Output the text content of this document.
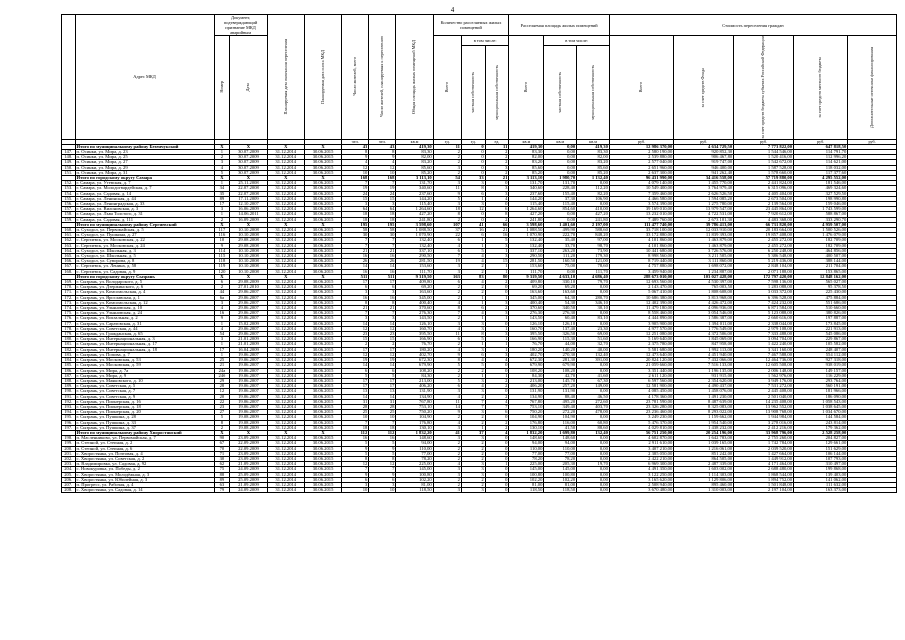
4
	Адрес МКД	Документ, подтверждающий признание МКД аварийным		Планируемая дата окончания переселения	Планируемая дата сноса МКД	Число жителей, всего	Число жителей, планируемых к переселению	Общая площадь жилых помещений МКД	Количество расселяемых жилых помещений			Расселяемая площадь жилых помещений			Стоимость переселения граждан				

		Номер	Дата						Всего	в том числе:		Всего	в том числе:		Всего	за счет средств Фонда	за счет средств бюджета субъекта Российской Федерации	за счет средств местного бюджета	Дополнительные источники финансирования

										частная собственность	муниципальная собственность		частная собственность	муниципальная собственность					

						чел.	чел.	кв.м	ед.	ед.	ед.	кв.м	кв.м	кв.м	руб.	руб.	руб.	руб.	руб.
	Итого по муниципальному району Безенчукский	X	X	X	X	43	43	419,30	11	0	11	419,30	0,00	419,30	12 986 370,00	4 634 729,50	7 773 822,00	647 818,50	
147.	п. Осинки, ул. Мира, д. 23	1	30.07.2009	31.12.2014	30.06.2015	8	8	83,30	2	0	2	83,30	0,00	83,30	2 580 190,00	920 852,30	1 544 546,00	114 791,70	
148.	п. Осинки, ул. Мира, д. 25	2	30.07.2009	31.12.2014	30.06.2015	9	9	82,00	2	0	2	82,00	0,00	82,00	2 539 880,00	906 467,80	1 520 416,00	112 996,20	
149.	п. Осинки, ул. Мира, д. 27	3	30.07.2009	31.12.2014	30.06.2015	4	4	83,20	2	0	2	83,20	0,00	83,20	2 577 040,00	919 747,00	1 542 672,00	114 621,00	
150.	п. Осинки, ул. Мира, д. 29	4	30.07.2009	31.12.2014	30.06.2015	12	12	85,60	3	0	3	85,60	0,00	85,60	2 651 960,00	946 400,00	1 587 528,00	118 032,00	
151.	п. Осинки, ул. Мира, д. 31	5	30.07.2009	31.12.2014	30.06.2015	10	10	85,20	2	0	2	85,20	0,00	85,20	2 637 300,00	941 262,40	1 578 660,00	117 377,60	
	Итого по городскому округу Самара	X	X	X	X	168	168	3 113,10	54	33	21	3 113,10	1 980,70	1 132,40	96 431 990,00	34 416 558,00	57 719 880,00	4 295 552,00	
152.	г. Самара, ул. Утевская, д. 7	1	25.11.2008	31.12.2014	30.06.2015	7	7	131,70	3	3	0	131,70	131,70	0,00	4 079 140,00	1 455 770,00	2 441 824,00	181 546,00	
153.	г. Самара, ул. Молодогвардейская, д. 7	34	22.07.2008	31.12.2014	30.06.2015	19	19	340,60	11	8	3	340,60	228,40	112,20	10 549 400,00	3 764 979,40	6 315 096,00	469 324,60	
154.	г. Самара, ул. Садовая, д. 14	35	22.07.2008	31.12.2014	30.06.2015	24	24	237,60	9	6	3	237,60	155,40	82,20	7 359 460,00	2 626 526,50	4 405 404,00	327 529,50	
155.	г. Самара, ул. Ленинская, д. 44	89	17.11.2009	31.12.2014	30.06.2015	15	15	144,20	5	1	4	144,20	37,30	106,90	4 466 580,00	1 594 085,20	2 673 504,00	198 990,80	
156.	г. Самара, ул. Ленинградская, д. 33	17	12.10.2007	31.12.2014	30.06.2015	3	3	115,40	3	3	0	115,40	115,40	0,00	3 574 390,00	1 275 780,00	2 139 564,00	159 046,00	
157.	г. Самара, ул. Вилоновская, д. 3	3	16.06.2009	31.12.2014	30.06.2015	64	64	1 264,60	18	12	6	1 264,60	854,60	410,00	39 169 010,00	13 979 547,00	23 445 864,00	1 743 599,00	
158.	г. Самара, ул. Льва Толстого, д. 31	1	14.06.2011	31.12.2014	30.06.2015	18	18	427,20	8	0	8	427,20	0,00	427,20	13 232 010,00	4 722 531,00	7 920 612,00	588 867,00	
159.	г. Самара, ул. Садовая, д. 111	2	16.09.2009	31.12.2014	30.06.2015	18	18	241,80	2	0	2	241,80	0,00	241,80	7 489 760,00	2 673 101,30	4 483 368,00	333 290,70	
	Итого по муниципальному району Сергиевский	X	X	X	X	195	195	3 598,60	107	41	66	3 598,60	1 401,60	2 197,00	111 477 740,00	39 786 413,00	66 731 820,00	4 959 507,00	
160.	п. Суходол, ул. Первомайская, д. 5	117	10.10.2008	31.12.2014	30.06.2015	58	58	1 088,50	37	16	21	1 088,50	499,90	588,60	33 718 100,00	12 033 910,00	20 183 664,00	1 500 526,00	
161.	п. Суходол, ул. Пушкина, д. 27	116	10.10.2008	31.12.2014	30.06.2015	30	30	1 070,90	22	6	16	1 070,90	222,70	848,20	33 172 880,00	11 839 393,00	19 857 408,00	1 476 079,00	
162.	с. Сергиевск, ул. Московская, д. 22	10	29.08.2008	31.12.2014	30.06.2015	7	7	132,40	6	1	5	132,40	35,40	97,00	4 101 860,00	1 463 879,00	2 455 272,00	182 709,00	
163.	с. Сергиевск, ул. Московская, д. 24	9	29.08.2008	31.12.2014	30.06.2015	7	7	132,40	4	1	3	132,40	33,70	98,70	4 101 860,00	1 463 879,00	2 455 272,00	182 709,00	
164.	п. Суходол, ул. Школьная, д. 3	114	10.10.2008	31.12.2014	30.06.2015	21	21	337,10	6	5	1	337,10	263,20	73,90	10 441 680,00	3 726 576,00	6 250 248,00	464 856,00	
165.	п. Суходол, ул. Школьная, д. 5	115	10.10.2008	31.12.2014	30.06.2015	16	16	290,50	7	4	3	290,50	111,20	179,30	8 998 560,00	3 211 505,00	5 386 548,00	400 507,00	
166.	п. Суходол, ул. Суворова, д. 8	118	10.10.2008	31.12.2014	30.06.2015	26	26	281,50	19	4	15	281,50	160,50	121,00	8 719 440,00	3 111 860,00	5 219 436,00	388 144,00	
167.	с. Сергиевск, ул. Ленина, д. 58	119	10.10.2008	31.12.2014	30.06.2015	14	14	153,60	3	2	1	153,60	75,00	78,60	4 757 880,00	1 698 072,00	2 848 104,00	211 704,00	
168.	с. Сергиевск, ул. Садовая, д. 9	120	10.10.2008	31.12.2014	30.06.2015	16	16	111,70	3	2	1	111,70	0,00	111,70	3 459 940,00	1 234 887,00	2 071 188,00	153 865,00	
	Итого по городскому округу Сызрань	X	X	X	X	511	511	9 319,50	163	83	80	9 319,50	4 633,10	4 686,40	288 673 010,00	103 027 428,00	172 797 420,00	12 848 162,00	
169.	г. Сызрань, ул. Володарского, д. 5	6	29.08.2009	31.12.2014	30.06.2015	17	17	409,80	6	4	2	409,80	330,10	79,70	12 693 560,00	4 530 397,00	7 598 136,00	565 027,00	
170.	г. Сызрань, ул. Дзержинского, д. 6	2	27.01.2010	31.12.2014	30.06.2015	6	6	69,20	2	2	0	69,20	69,20	0,00	2 143 470,00	765 003,50	1 283 088,00	95 378,50	
171.	г. Сызрань, ул. Комсомольская, д. 4	44	29.06.2007	31.12.2014	30.06.2015	3	3	163,60	2	2	0	163,60	163,60	0,00	5 067 410,00	1 808 608,00	3 033 372,00	225 430,00	
172.	г. Сызрань, ул. Ярославская, д. 1	6а	29.06.2007	31.12.2014	30.06.2015	16	16	345,00	2	1	1	345,00	64,30	280,70	10 686 380,00	3 813 968,00	6 396 528,00	475 884,00	
173.	г. Сызрань, ул. Комсомольская, д. 12	3	29.06.2007	31.12.2014	30.06.2015	8	8	400,40	4	1	3	400,40	54,30	346,10	12 402 390,00	4 426 472,00	7 424 232,00	551 686,00	
174.	г. Сызрань, ул. Ульяновская, д. 10	4	29.06.2007	31.12.2014	30.06.2015	21	21	370,60	8	6	2	370,60	340,50	30,10	11 479 180,00	4 096 936,00	6 871 584,00	510 660,00	
175.	г. Сызрань, ул. Ульяновская, д. 24	16	29.06.2007	31.12.2014	30.06.2015	7	7	276,30	7	4	3	276,30	276,30	0,00	8 558 460,00	3 054 546,00	5 123 088,00	380 826,00	
176.	г. Сызрань, ул. Вокзальная, д. 2	9	29.06.2007	31.12.2014	30.06.2015	3	3	143,50	2	1	1	143,50	60,40	83,10	4 444 890,00	1 586 387,00	2 660 616,00	197 887,00	
177.	г. Сызрань, ул. Саратовская, д. 31	1	15.02.2009	31.12.2014	30.06.2015	14	14	126,10	3	3	0	126,10	126,10	0,00	3 905 900,00	1 394 011,00	2 338 044,00	173 845,00	
178.	г. Сызрань, ул. Советская, д. 44	4	29.06.2007	31.12.2014	30.06.2015	12	12	160,70	4	3	1	160,70	137,40	23,30	4 977 570,00	1 776 549,00	2 979 108,00	221 913,00	
179.	г. Сызрань, ул. Гражданская, д. 65	54	29.06.2007	31.12.2014	30.06.2015	23	23	395,50	11	8	3	395,50	326,50	69,00	12 251 080,00	4 372 506,00	7 333 488,00	545 086,00	
180.	г. Сызрань, ул. Интернациональная, д. 3	3	21.01.2009	31.12.2014	30.06.2015	15	15	166,90	6	5	1	166,90	115,30	51,60	5 169 640,00	1 845 069,00	3 094 704,00	229 867,00	
181.	г. Сызрань, ул. Интернациональная, д. 17	1	21.01.2009	31.12.2014	30.06.2015	2	2	76,70	2	1	1	76,70	44,00	32,70	2 375 780,00	847 958,00	1 422 240,00	105 582,00	
182.	г. Сызрань, ул. Интернациональная, д. 18	17	16.04.2009	31.12.2014	30.06.2015	17	17	180,20	4	3	1	180,20	140,20	40,00	5 581 680,00	1 992 113,00	3 341 160,00	248 407,00	
183.	г. Сызрань, ул. Попова, д. 7	1	19.06.2007	31.12.2014	30.06.2015	12	12	402,70	9	6	3	402,70	270,30	132,40	12 473 640,00	4 451 940,00	7 467 588,00	554 112,00	
184.	г. Сызрань, ул. Московская, д. 53	25	19.06.2007	31.12.2014	30.06.2015	19	19	672,30	8	4	4	672,30	281,30	391,00	20 824 120,00	7 432 066,00	12 464 736,00	927 318,00	
185.	г. Сызрань, ул. Московская, д. 59	21	19.06.2007	31.12.2014	30.06.2015	14	14	679,90	5	5	0	679,90	679,90	0,00	21 059 660,00	7 516 133,00	12 605 508,00	938 019,00	
186.	г. Сызрань, ул. Мира, д. 7а	24а	19.06.2007	31.12.2014	30.06.2015	6	6	108,20	2	2	0	108,20	108,20	0,00	3 351 440,00	1 196 135,00	2 006 148,00	149 157,00	
187.	г. Сызрань, ул. Мира, д. 9	24б	19.06.2007	31.12.2014	30.06.2015	5	5	84,30	2	1	1	84,30	42,70	41,60	2 611 120,00	931 915,00	1 562 976,00	116 229,00	
188.	г. Сызрань, ул. Маяковского, д. 10	29	19.06.2007	31.12.2014	30.06.2015	17	17	213,00	5	3	2	213,00	145,70	67,30	6 597 560,00	2 354 620,00	3 949 176,00	293 764,00	
189.	г. Сызрань, ул. Советская, д. 5	28	19.06.2007	31.12.2014	30.06.2015	17	17	406,20	6	4	2	406,20	257,20	149,00	12 581 900,00	4 490 437,00	7 531 272,00	560 191,00	
190.	г. Сызрань, ул. Советская, д. 7	12	19.06.2007	31.12.2014	30.06.2015	13	13	131,90	3	3	0	131,90	131,90	0,00	4 085 450,00	1 458 076,00	2 445 408,00	181 966,00	
191.	г. Сызрань, ул. Советская, д. 9	20	19.06.2007	31.12.2014	30.06.2015	14	14	134,90	4	2	2	134,90	88,40	46,50	4 178 360,00	1 491 230,00	2 501 040,00	186 090,00	
192.	г. Сызрань, ул. Пионерская, д. 16	22	19.06.2007	31.12.2014	30.06.2015	31	31	767,80	11	7	4	767,80	495,20	272,60	23 781 590,00	8 487 639,00	14 235 408,00	1 058 543,00	
193.	г. Сызрань, ул. Пионерская, д. 18	23	19.06.2007	31.12.2014	30.06.2015	28	28	753,10	14	7	7	753,10	349,40	403,70	23 326 280,00	8 325 083,00	13 962 552,00	1 038 645,00	
194.	г. Сызрань, ул. Пионерская, д. 20	27	19.06.2007	31.12.2014	30.06.2015	25	25	750,20	9	3	6	750,20	272,20	478,00	23 236 460,00	8 293 022,00	13 908 768,00	1 034 670,00	
195.	г. Сызрань, ул. Пушкина, д. 28	5	19.08.2009	31.12.2014	30.06.2015	10	10	104,90	2	2	0	104,90	104,90	0,00	3 249 230,00	1 159 662,00	1 944 984,00	144 584,00	
196.	г. Сызрань, ул. Пушкина, д. 33	8	19.08.2009	31.12.2014	30.06.2015	7	7	176,80	4	2	2	176,80	116,00	60,80	5 476 370,00	1 954 540,00	3 278 016,00	243 814,00	
197.	г. Сызрань, ул. Пушкина, д. 37	2	19.08.2009	31.12.2014	30.06.2015	18	18	130,10	3	1	2	130,10	41,50	88,60	4 029 810,00	1 438 232,00	2 412 216,00	179 362,00	
	Итого по муниципальному району Хворостянский	X	X	X	X	112	112	1 832,20	41	37	4	1 832,20	1 699,80	132,40	56 751 250,00	20 254 196,00	33 968 796,00	2 528 258,00	
198.	п. Масленниково, ул. Первомайская, д. 7	90	23.09.2009	31.12.2014	30.06.2015	16	16	148,60	3	3	0	148,60	148,60	0,00	4 602 870,00	1 642 783,00	2 755 260,00	204 827,00	
199.	п. Степной, ул. Степная, д. 2	67	22.09.2009	31.12.2014	30.06.2015	5	5	94,00	2	2	0	94,00	94,00	0,00	2 911 610,00	1 039 165,00	1 742 784,00	129 661,00	
200.	п. Степной, ул. Степная, д. 6	70	22.09.2009	31.12.2014	30.06.2015	9	9	110,00	2	2	0	110,00	110,00	0,00	3 407 210,00	1 216 061,00	2 039 520,00	151 629,00	
201.	с. Хворостянка, ул. Почтовая, д. 4	71	23.09.2009	31.12.2014	30.06.2015	5	5	77,00	2	2	0	77,00	77,00	0,00	2 385 050,00	851 242,00	1 427 664,00	106 144,00	
202.	с. Хворостянка, ул. Советская, д. 2	30	23.09.2009	31.12.2014	30.06.2015	8	8	78,20	2	2	0	78,20	78,20	0,00	2 422 210,00	864 505,00	1 449 912,00	107 793,00	
203.	п. Владимировка, ул. Садовая, д. 92	62	21.09.2009	31.12.2014	30.06.2015	12	12	225,00	4	3	1	225,00	205,30	19,70	6 969 300,00	2 487 339,00	4 171 464,00	310 497,00	
204.	с. Новокуровка, ул. Победы, д. 2	75	24.09.2009	31.12.2014	30.06.2015	7	7	145,00	3	3	0	145,00	145,00	0,00	4 491 350,00	1 603 002,00	2 688 480,00	199 868,00	
205.	с. Хворостянка, ул. Молодёжная, д. 3	88	25.09.2009	31.12.2014	30.06.2015	9	9	100,80	3	3	0	100,80	100,80	0,00	3 122 250,00	1 114 303,00	1 868 544,00	139 403,00	
206.	с. Хворостянка, ул. Юбилейная, д. 3	89	25.09.2009	31.12.2014	30.06.2015	6	6	102,20	2	2	0	102,20	102,20	0,00	3 165 620,00	1 129 806,00	1 894 752,00	141 062,00	
207.	п. Прогресс, ул. Рабочая, д. 4	63	21.09.2009	31.12.2014	30.06.2015	3	3	81,00	2	2	0	81,00	81,00	0,00	2 508 940,00	895 460,00	1 501 848,00	111 632,00	
208.	с. Хворостянка, ул. Садовая, д. 14	79	24.09.2009	31.12.2014	30.06.2015	10	10	118,50	3	3	0	118,50	118,50	0,00	3 670 480,00	1 310 003,00	2 197 104,00	163 373,00	
